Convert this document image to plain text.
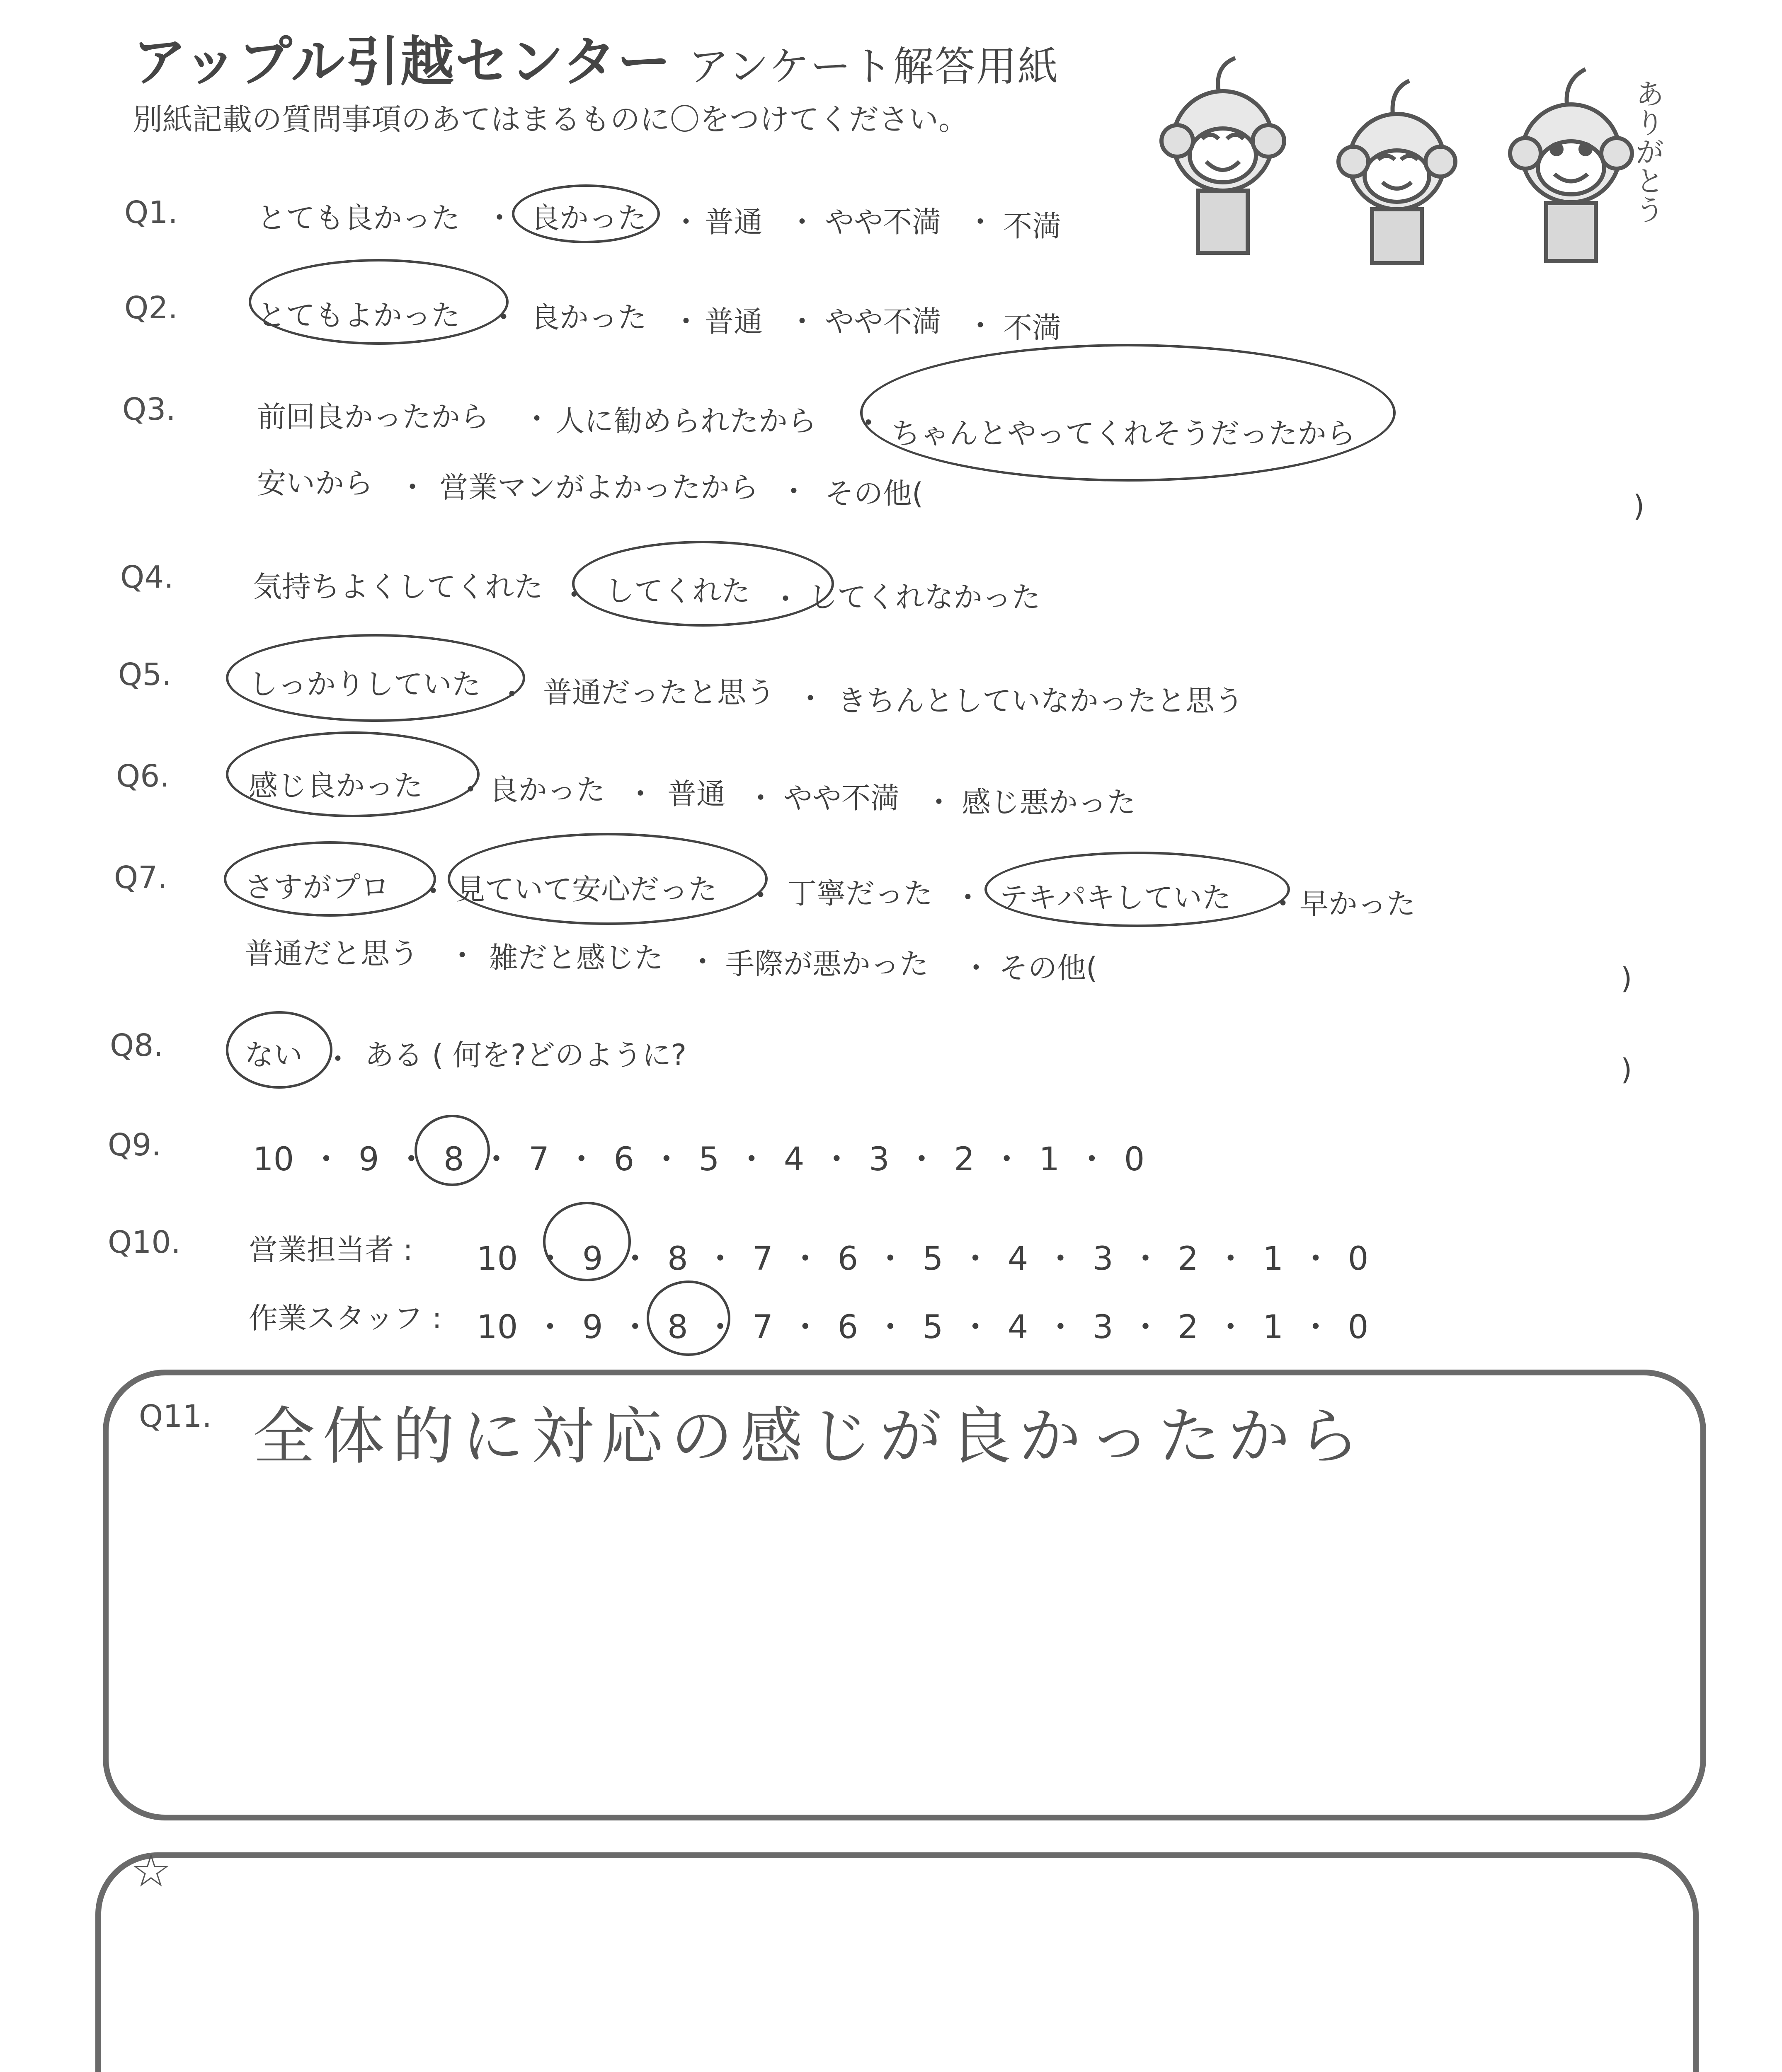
アップル引越センター アンケート解答用紙
別紙記載の質問事項のあてはまるものに〇をつけてください。	ありがとう
Q1.	とても良かった ・ 良かった ・ 普通 ・ やや不満 ・ 不満
Q2.	とてもよかった ・ 良かった ・ 普通 ・ やや不満 ・ 不満
Q3.	前回良かったから ・ 人に勧められたから ・ ちゃんとやってくれそうだったから
安いから ・ 営業マンがよかったから ・ その他(	)
Q4.	気持ちよくしてくれた ・ してくれた ・ してくれなかった
Q5.	しっかりしていた ・ 普通だったと思う ・ きちんとしていなかったと思う
Q6.	感じ良かった ・ 良かった ・ 普通 ・ やや不満 ・ 感じ悪かった
Q7.	さすがプロ ・ 見ていて安心だった ・ 丁寧だった ・ テキパキしていた ・ 早かった
普通だと思う ・ 雑だと感じた ・ 手際が悪かった ・ その他(	)
Q8.	ない ・ ある ( 何を?どのように?	)
Q9.	10 ・ 9 ・ 8 ・ 7 ・ 6 ・ 5 ・ 4 ・ 3 ・ 2 ・ 1 ・ 0
Q10. 営業担当者 : 10 ・ 9 ・ 8 ・ 7 ・ 6 ・ 5 ・ 4 ・ 3 ・ 2 ・ 1 ・ 0
作業スタッフ : 10 ・ 9 ・ 8 ・ 7 ・ 6 ・ 5 ・ 4 ・ 3 ・ 2 ・ 1 ・ 0
Q11. 全体的に対応の感じが良かったから
☆
